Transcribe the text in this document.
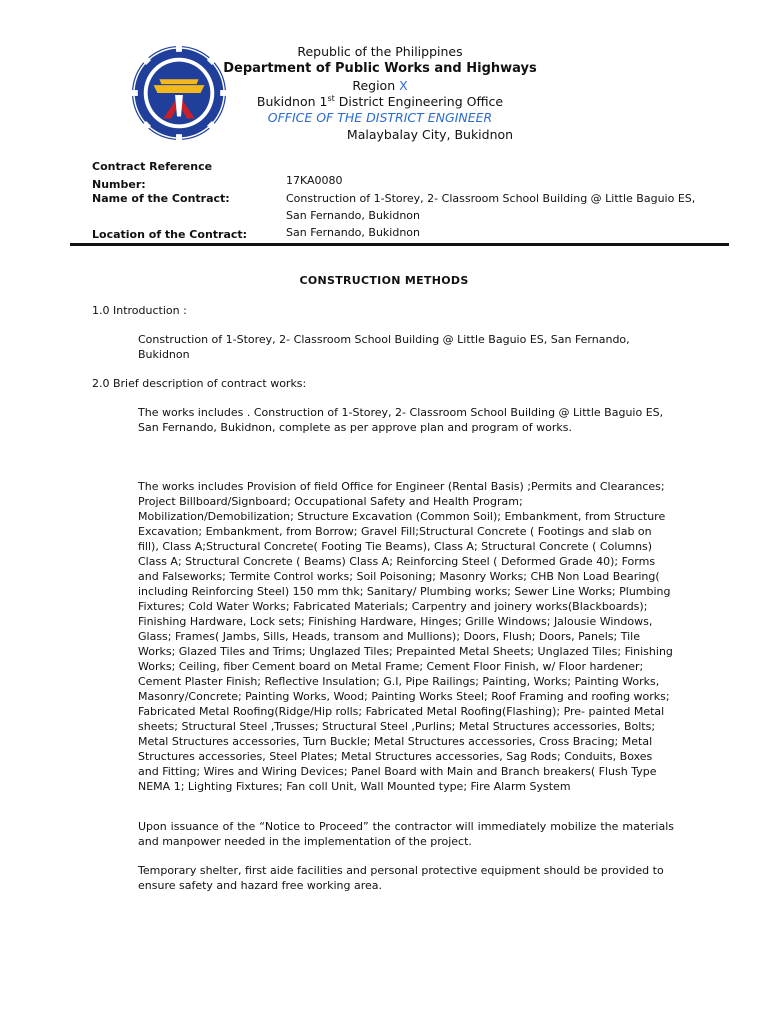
Republic of the Philippines
Department of Public Works and Highways
Region X
Bukidnon 1st District Engineering Office
OFFICE OF THE DISTRICT ENGINEER
Malaybalay City, Bukidnon
Contract Reference
Number:	17KA0080
Name of the Contract:	Construction of 1-Storey, 2- Classroom School Building @ Little Baguio ES,
San Fernando, Bukidnon
Location of the Contract:	San Fernando, Bukidnon
CONSTRUCTION METHODS
1.0 Introduction :
Construction of 1-Storey, 2- Classroom School Building @ Little Baguio ES, San Fernando, Bukidnon
2.0 Brief description of contract works:
The works includes . Construction of 1-Storey, 2- Classroom School Building @ Little Baguio ES, San Fernando, Bukidnon, complete as per approve plan and program of works.
The works includes Provision of field Office for Engineer (Rental Basis) ;Permits and Clearances; Project Billboard/Signboard; Occupational Safety and Health Program; Mobilization/Demobilization; Structure Excavation (Common Soil); Embankment, from Structure Excavation; Embankment, from Borrow; Gravel Fill;Structural Concrete ( Footings and slab on fill), Class A;Structural Concrete( Footing Tie Beams), Class A; Structural Concrete ( Columns) Class A; Structural Concrete ( Beams) Class A; Reinforcing Steel ( Deformed Grade 40); Forms and Falseworks; Termite Control works; Soil Poisoning; Masonry Works; CHB Non Load Bearing( including Reinforcing Steel) 150 mm thk; Sanitary/ Plumbing works; Sewer Line Works; Plumbing Fixtures; Cold Water Works; Fabricated Materials; Carpentry and joinery works(Blackboards); Finishing Hardware, Lock sets; Finishing Hardware, Hinges; Grille Windows; Jalousie Windows, Glass; Frames( Jambs, Sills, Heads, transom and Mullions); Doors, Flush; Doors, Panels; Tile Works; Glazed Tiles and Trims; Unglazed Tiles; Prepainted Metal Sheets; Unglazed Tiles; Finishing Works; Ceiling, fiber Cement board on Metal Frame; Cement Floor Finish, w/ Floor hardener; Cement Plaster Finish; Reflective Insulation; G.I, Pipe Railings; Painting, Works; Painting Works, Masonry/Concrete; Painting Works, Wood; Painting Works Steel; Roof Framing and roofing works; Fabricated Metal Roofing(Ridge/Hip rolls; Fabricated Metal Roofing(Flashing); Pre- painted Metal sheets; Structural Steel ,Trusses; Structural Steel ,Purlins; Metal Structures accessories, Bolts; Metal Structures accessories, Turn Buckle; Metal Structures accessories, Cross Bracing; Metal Structures accessories, Steel Plates; Metal Structures accessories, Sag Rods; Conduits, Boxes and Fitting; Wires and Wiring Devices; Panel Board with Main and Branch breakers( Flush Type NEMA 1; Lighting Fixtures; Fan coll Unit, Wall Mounted type; Fire Alarm System
Upon issuance of the “Notice to Proceed” the contractor will immediately mobilize the materials and manpower needed in the implementation of the project.
Temporary shelter, first aide facilities and personal protective equipment should be provided to ensure safety and hazard free working area.
